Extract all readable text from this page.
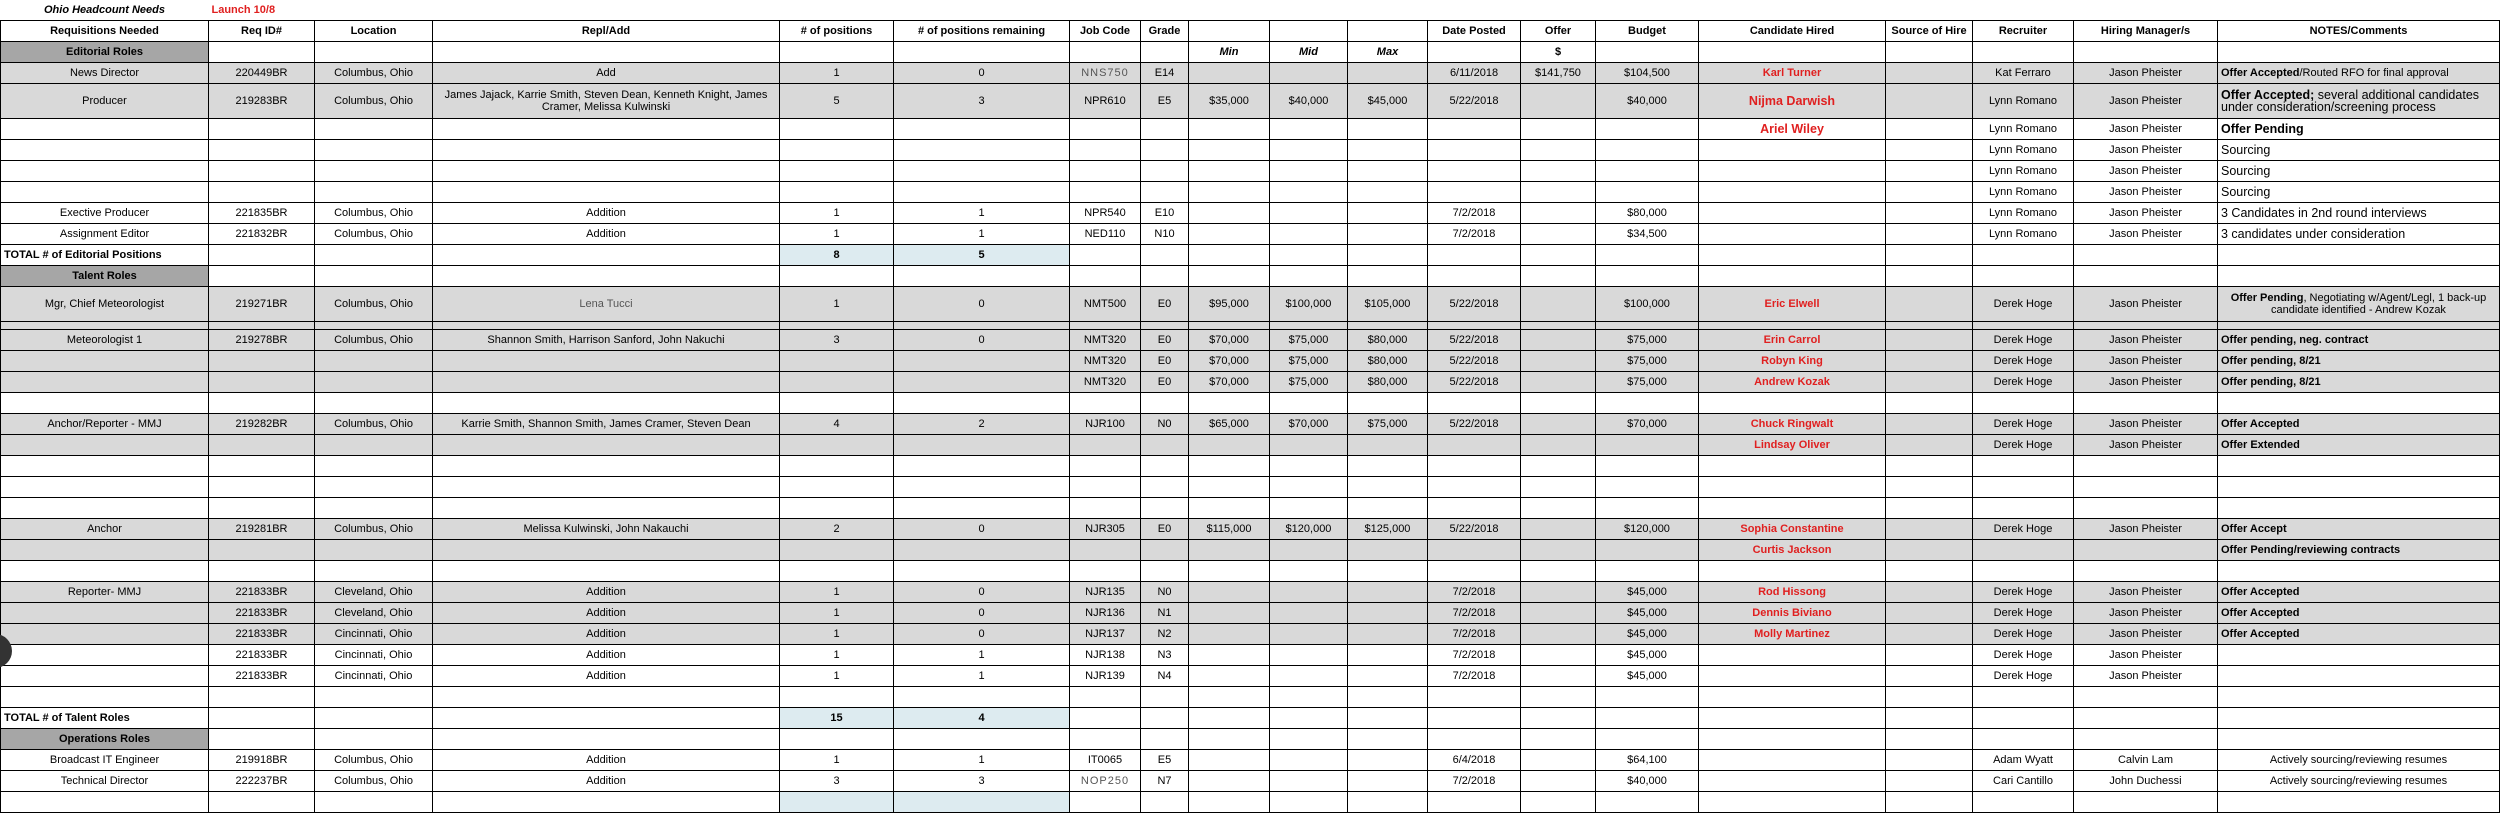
Ohio Headcount Needs	Launch 10/8																	
Requisitions Needed	Req ID#	Location	Repl/Add	# of positions	# of positions remaining	Job Code	Grade				Date Posted	Offer	Budget	Candidate Hired	Source of Hire	Recruiter	Hiring Manager/s	NOTES/Comments
Editorial Roles								Min	Mid	Max		$						
News Director	220449BR	Columbus, Ohio	Add	1	0	NNS750	E14				6/11/2018	$141,750	$104,500	Karl Turner		Kat Ferraro	Jason Pheister	Offer Accepted/Routed RFO for final approval
Producer	219283BR	Columbus, Ohio	James Jajack, Karrie Smith, Steven Dean, Kenneth Knight, James Cramer, Melissa Kulwinski	5	3	NPR610	E5	$35,000	$40,000	$45,000	5/22/2018		$40,000	Nijma Darwish		Lynn Romano	Jason Pheister	Offer Accepted; several additional candidates under consideration/screening process
														Ariel Wiley		Lynn Romano	Jason Pheister	Offer Pending
																Lynn Romano	Jason Pheister	Sourcing
																Lynn Romano	Jason Pheister	Sourcing
																Lynn Romano	Jason Pheister	Sourcing
Exective Producer	221835BR	Columbus, Ohio	Addition	1	1	NPR540	E10				7/2/2018		$80,000			Lynn Romano	Jason Pheister	3 Candidates in 2nd round interviews
Assignment Editor	221832BR	Columbus, Ohio	Addition	1	1	NED110	N10				7/2/2018		$34,500			Lynn Romano	Jason Pheister	3 candidates under consideration
TOTAL # of Editorial Positions				8	5													
Talent Roles																		
Mgr, Chief Meteorologist	219271BR	Columbus, Ohio	Lena Tucci	1	0	NMT500	E0	$95,000	$100,000	$105,000	5/22/2018		$100,000	Eric Elwell		Derek Hoge	Jason Pheister	Offer Pending, Negotiating w/Agent/Legl, 1 back-up candidate identified - Andrew Kozak

Meteorologist 1	219278BR	Columbus, Ohio	Shannon Smith, Harrison Sanford, John Nakuchi	3	0	NMT320	E0	$70,000	$75,000	$80,000	5/22/2018		$75,000	Erin Carrol		Derek Hoge	Jason Pheister	Offer pending, neg. contract
						NMT320	E0	$70,000	$75,000	$80,000	5/22/2018		$75,000	Robyn King		Derek Hoge	Jason Pheister	Offer pending, 8/21
						NMT320	E0	$70,000	$75,000	$80,000	5/22/2018		$75,000	Andrew Kozak		Derek Hoge	Jason Pheister	Offer pending, 8/21

Anchor/Reporter - MMJ	219282BR	Columbus, Ohio	Karrie Smith, Shannon Smith, James Cramer, Steven Dean	4	2	NJR100	N0	$65,000	$70,000	$75,000	5/22/2018		$70,000	Chuck Ringwalt		Derek Hoge	Jason Pheister	Offer Accepted
														Lindsay Oliver		Derek Hoge	Jason Pheister	Offer Extended

Anchor	219281BR	Columbus, Ohio	Melissa Kulwinski, John Nakauchi	2	0	NJR305	E0	$115,000	$120,000	$125,000	5/22/2018		$120,000	Sophia Constantine		Derek Hoge	Jason Pheister	Offer Accept
														Curtis Jackson				Offer Pending/reviewing contracts

Reporter- MMJ	221833BR	Cleveland, Ohio	Addition	1	0	NJR135	N0				7/2/2018		$45,000	Rod Hissong		Derek Hoge	Jason Pheister	Offer Accepted
	221833BR	Cleveland, Ohio	Addition	1	0	NJR136	N1				7/2/2018		$45,000	Dennis Biviano		Derek Hoge	Jason Pheister	Offer Accepted
	221833BR	Cincinnati, Ohio	Addition	1	0	NJR137	N2				7/2/2018		$45,000	Molly Martinez		Derek Hoge	Jason Pheister	Offer Accepted
	221833BR	Cincinnati, Ohio	Addition	1	1	NJR138	N3				7/2/2018		$45,000			Derek Hoge	Jason Pheister	
	221833BR	Cincinnati, Ohio	Addition	1	1	NJR139	N4				7/2/2018		$45,000			Derek Hoge	Jason Pheister	

TOTAL # of Talent Roles				15	4													
Operations Roles																		
Broadcast IT Engineer	219918BR	Columbus, Ohio	Addition	1	1	IT0065	E5				6/4/2018		$64,100			Adam Wyatt	Calvin Lam	Actively sourcing/reviewing resumes
Technical Director	222237BR	Columbus, Ohio	Addition	3	3	NOP250	N7				7/2/2018		$40,000			Cari Cantillo	John Duchessi	Actively sourcing/reviewing resumes
